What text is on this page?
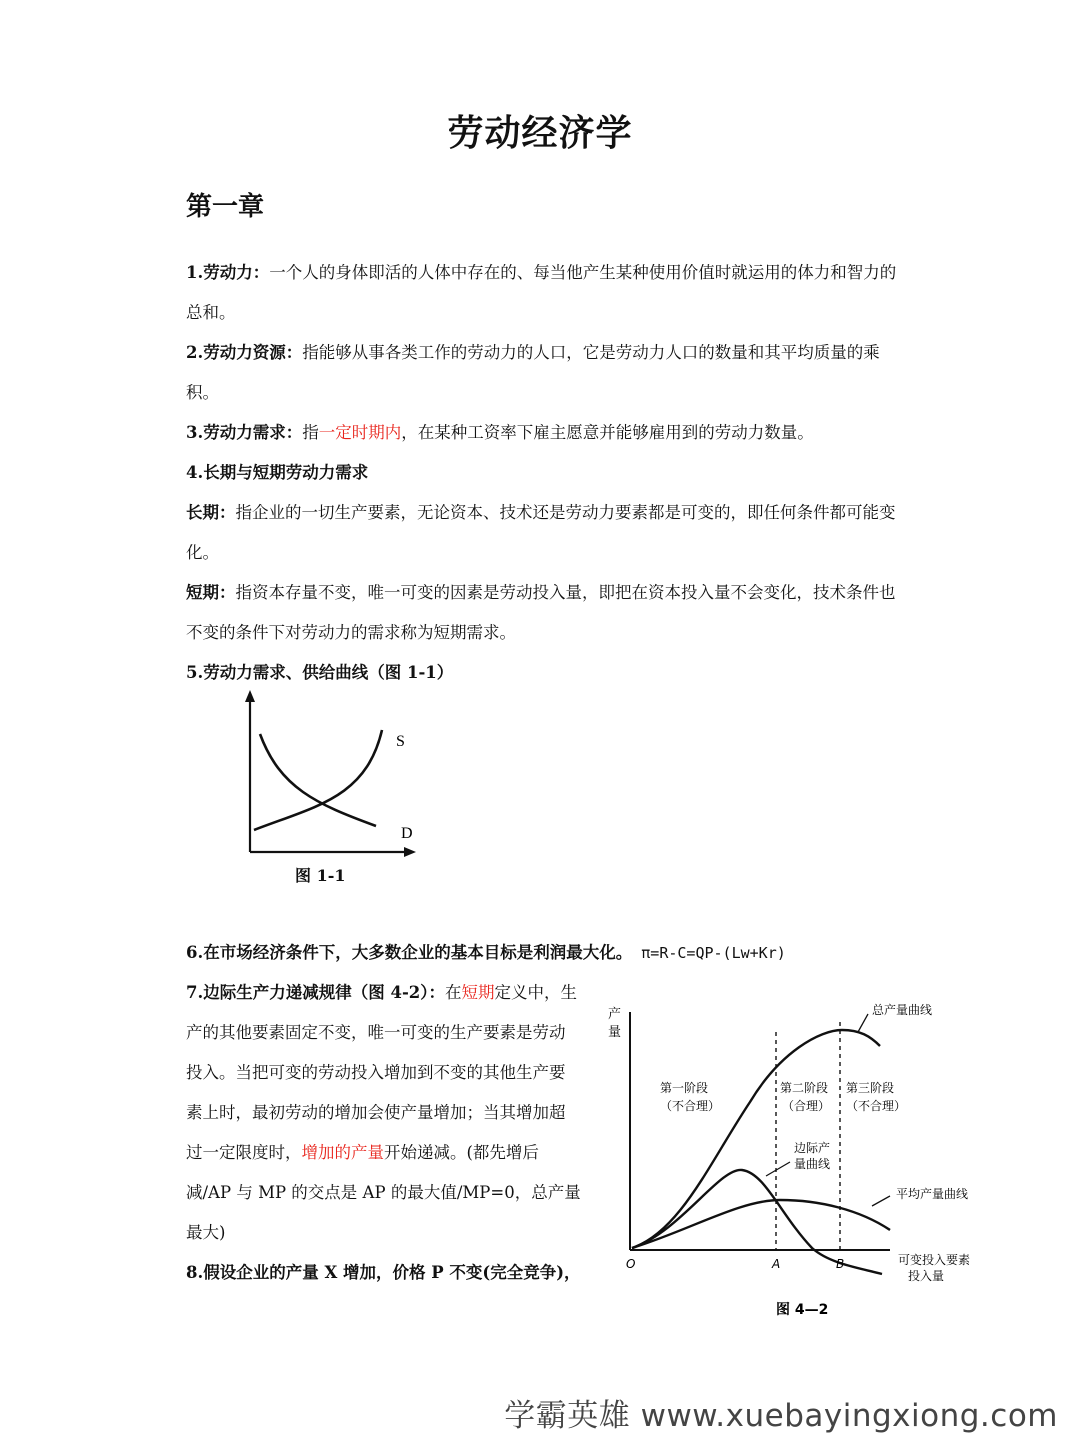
劳动经济学
第一章
1.劳动力：一个人的身体即活的人体中存在的、每当他产生某种使用价值时就运用的体力和智力的总和。
2.劳动力资源：指能够从事各类工作的劳动力的人口，它是劳动力人口的数量和其平均质量的乘积。
3.劳动力需求：指一定时期内，在某种工资率下雇主愿意并能够雇用到的劳动力数量。
4.长期与短期劳动力需求
长期：指企业的一切生产要素，无论资本、技术还是劳动力要素都是可变的，即任何条件都可能变化。
短期：指资本存量不变，唯一可变的因素是劳动投入量，即把在资本投入量不会变化，技术条件也不变的条件下对劳动力的需求称为短期需求。
5.劳动力需求、供给曲线（图 1-1）
S
D
图 1-1
6.在市场经济条件下，大多数企业的基本目标是利润最大化。 π=R-C=QP-(Lw+Kr)
7.边际生产力递减规律（图 4-2）：在短期定义中，生产的其他要素固定不变，唯一可变的生产要素是劳动投入。当把可变的劳动投入增加到不变的其他生产要素上时，最初劳动的增加会使产量增加；当其增加超过一定限度时，增加的产量开始递减。(都先增后减/AP 与 MP 的交点是 AP 的最大值/MP=0，总产量最大)
8.假设企业的产量 X 增加，价格 P 不变(完全竞争)，
产
量
总产量曲线
第一阶段
（不合理）
第二阶段
（合理）
第三阶段
（不合理）
边际产
量曲线
平均产量曲线
O	A	B	可变投入要素
投入量
图 4—2
学霸英雄 www.xuebayingxiong.com
